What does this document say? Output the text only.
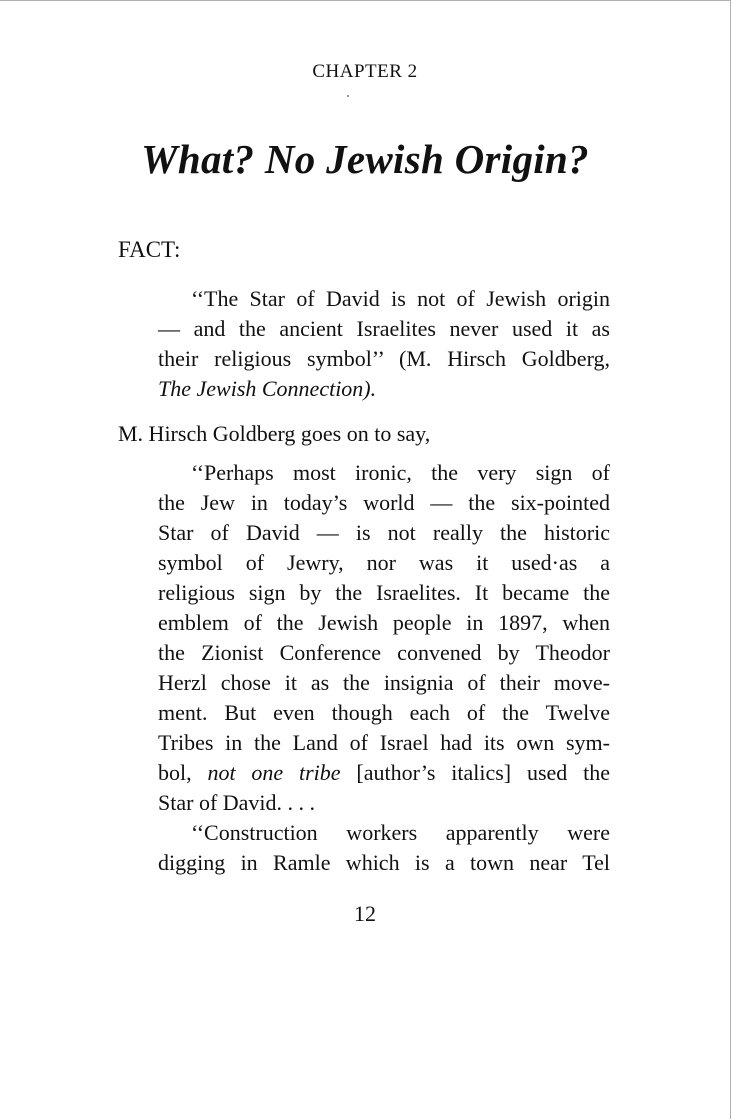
CHAPTER 2
What? No Jewish Origin?
FACT:
‘‘The Star of David is not of Jewish origin
— and the ancient Israelites never used it as
their religious symbol’’ (M. Hirsch Goldberg,
The Jewish Connection).
M. Hirsch Goldberg goes on to say,
‘‘Perhaps most ironic, the very sign of
the Jew in today’s world — the six-pointed
Star of David — is not really the historic
symbol of Jewry, nor was it used·as a
religious sign by the Israelites. It became the
emblem of the Jewish people in 1897, when
the Zionist Conference convened by Theodor
Herzl chose it as the insignia of their move-
ment. But even though each of the Twelve
Tribes in the Land of Israel had its own sym-
bol, not one tribe [author’s italics] used the
Star of David. . . .
‘‘Construction workers apparently were
digging in Ramle which is a town near Tel
12
